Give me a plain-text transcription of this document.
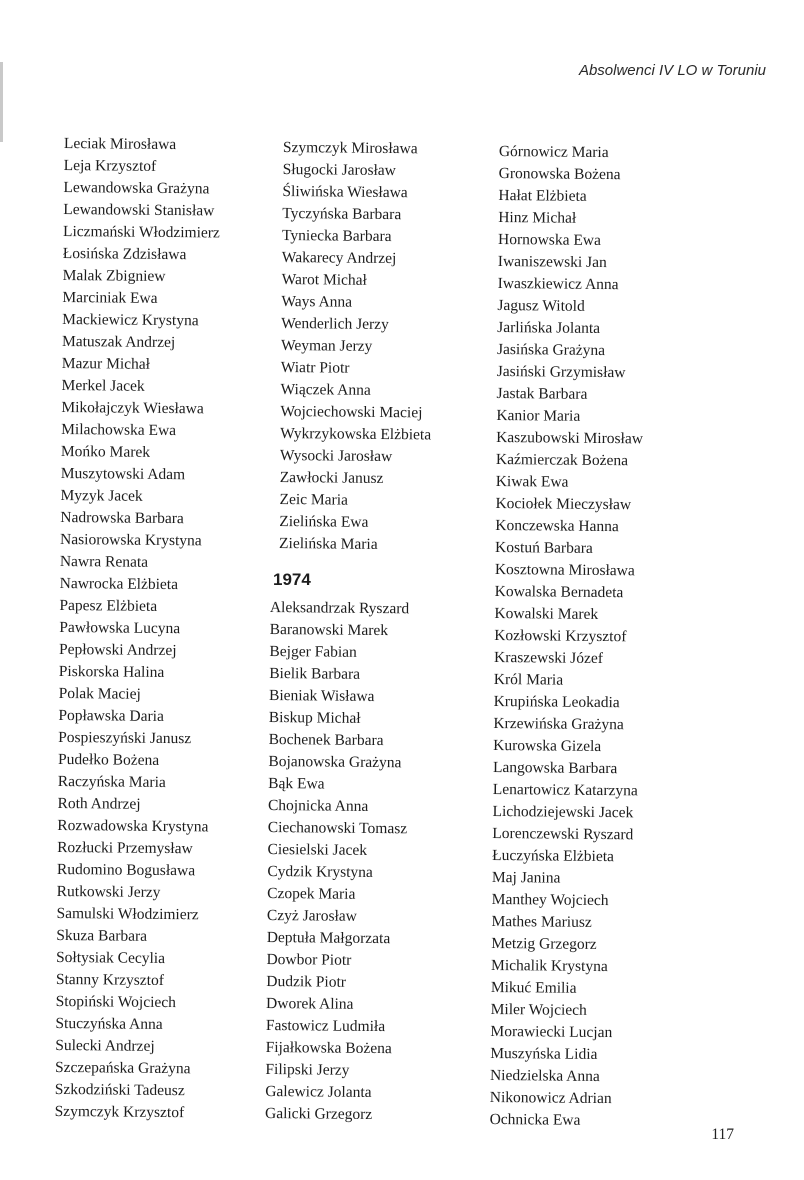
Absolwenci IV LO w Toruniu
Leciak Mirosława
Leja Krzysztof
Lewandowska Grażyna
Lewandowski Stanisław
Liczmański Włodzimierz
Łosińska Zdzisława
Malak Zbigniew
Marciniak Ewa
Mackiewicz Krystyna
Matuszak Andrzej
Mazur Michał
Merkel Jacek
Mikołajczyk Wiesława
Milachowska Ewa
Mońko Marek
Muszytowski Adam
Myzyk Jacek
Nadrowska Barbara
Nasiorowska Krystyna
Nawra Renata
Nawrocka Elżbieta
Papesz Elżbieta
Pawłowska Lucyna
Pepłowski Andrzej
Piskorska Halina
Polak Maciej
Popławska Daria
Pospieszyński Janusz
Pudełko Bożena
Raczyńska Maria
Roth Andrzej
Rozwadowska Krystyna
Rozłucki Przemysław
Rudomino Bogusława
Rutkowski Jerzy
Samulski Włodzimierz
Skuza Barbara
Sołtysiak Cecylia
Stanny Krzysztof
Stopiński Wojciech
Stuczyńska Anna
Sulecki Andrzej
Szczepańska Grażyna
Szkodziński Tadeusz
Szymczyk Krzysztof
Szymczyk Mirosława
Sługocki Jarosław
Śliwińska Wiesława
Tyczyńska Barbara
Tyniecka Barbara
Wakarecy Andrzej
Warot Michał
Ways Anna
Wenderlich Jerzy
Weyman Jerzy
Wiatr Piotr
Wiączek Anna
Wojciechowski Maciej
Wykrzykowska Elżbieta
Wysocki Jarosław
Zawłocki Janusz
Zeic Maria
Zielińska Ewa
Zielińska Maria
1974
Aleksandrzak Ryszard
Baranowski Marek
Bejger Fabian
Bielik Barbara
Bieniak Wisława
Biskup Michał
Bochenek Barbara
Bojanowska Grażyna
Bąk Ewa
Chojnicka Anna
Ciechanowski Tomasz
Ciesielski Jacek
Cydzik Krystyna
Czopek Maria
Czyż Jarosław
Deptuła Małgorzata
Dowbor Piotr
Dudzik Piotr
Dworek Alina
Fastowicz Ludmiła
Fijałkowska Bożena
Filipski Jerzy
Galewicz Jolanta
Galicki Grzegorz
Górnowicz Maria
Gronowska Bożena
Hałat Elżbieta
Hinz Michał
Hornowska Ewa
Iwaniszewski Jan
Iwaszkiewicz Anna
Jagusz Witold
Jarlińska Jolanta
Jasińska Grażyna
Jasiński Grzymisław
Jastak Barbara
Kanior Maria
Kaszubowski Mirosław
Kaźmierczak Bożena
Kiwak Ewa
Kociołek Mieczysław
Konczewska Hanna
Kostuń Barbara
Kosztowna Mirosława
Kowalska Bernadeta
Kowalski Marek
Kozłowski Krzysztof
Kraszewski Józef
Król Maria
Krupińska Leokadia
Krzewińska Grażyna
Kurowska Gizela
Langowska Barbara
Lenartowicz Katarzyna
Lichodziejewski Jacek
Lorenczewski Ryszard
Łuczyńska Elżbieta
Maj Janina
Manthey Wojciech
Mathes Mariusz
Metzig Grzegorz
Michalik Krystyna
Mikuć Emilia
Miler Wojciech
Morawiecki Lucjan
Muszyńska Lidia
Niedzielska Anna
Nikonowicz Adrian
Ochnicka Ewa
117
